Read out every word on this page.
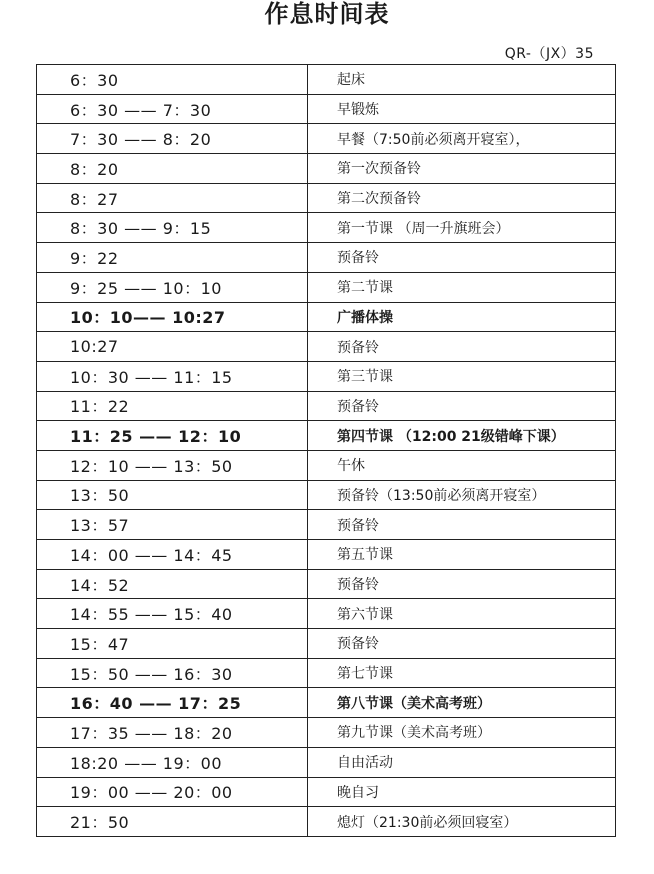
作息时间表
QR-（JX）35
6：30	起床
6：30 —— 7：30	早锻炼
7：30 —— 8：20	早餐（7:50前必须离开寝室），
8：20	第一次预备铃
8：27	第二次预备铃
8：30 —— 9：15	第一节课 （周一升旗班会）
9：22	预备铃
9：25 —— 10：10	第二节课
10：10—— 10:27	广播体操
10:27	预备铃
10：30 —— 11：15	第三节课
11：22	预备铃
11：25 —— 12：10	第四节课 （12:00 21级错峰下课）
12：10 —— 13：50	午休
13：50	预备铃（13:50前必须离开寝室）
13：57	预备铃
14：00 —— 14：45	第五节课
14：52	预备铃
14：55 —— 15：40	第六节课
15：47	预备铃
15：50 —— 16：30	第七节课
16：40 —— 17：25	第八节课（美术高考班）
17：35 —— 18：20	第九节课（美术高考班）
18:20 —— 19：00	自由活动
19：00 —— 20：00	晚自习
21：50	熄灯（21:30前必须回寝室）
